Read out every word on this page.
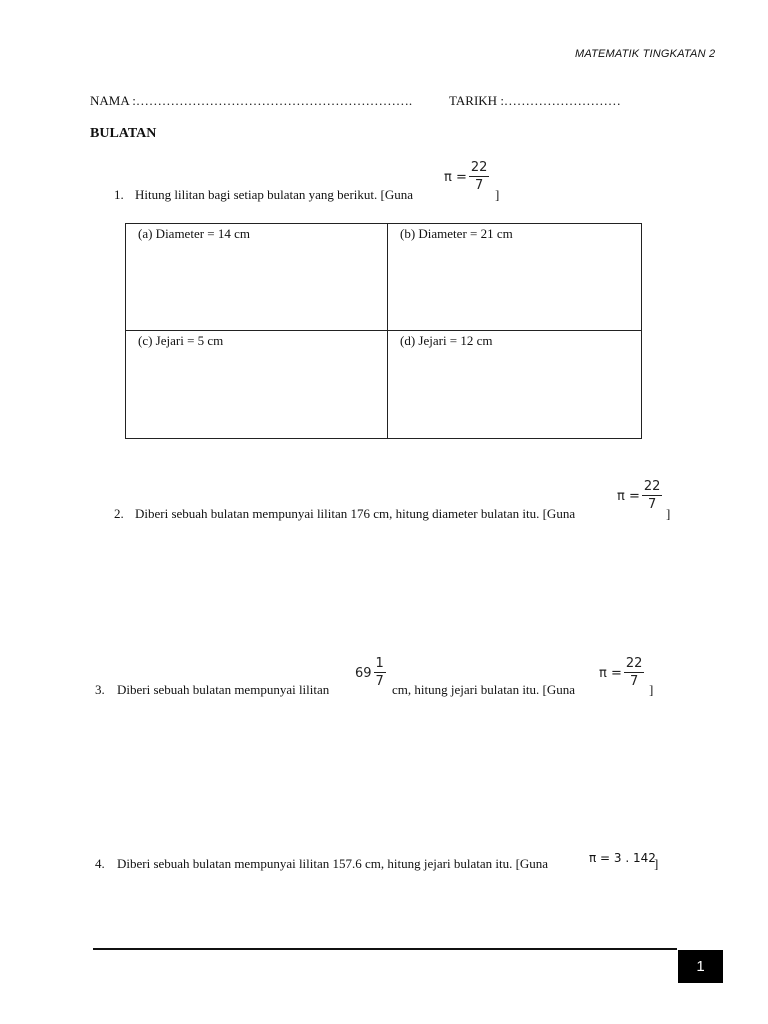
MATEMATIK TINGKATAN 2
NAMA :……………………………………………………….	TARIKH :………………………
BULATAN
1. Hitung lilitan bagi setiap bulatan yang berikut. [Guna
$\pi = \frac{22}{7}$ ]
(a) Diameter = 14 cm	(b) Diameter = 21 cm
(c) Jejari = 5 cm	(d) Jejari = 12 cm
2. Diberi sebuah bulatan mempunyai lilitan 176 cm, hitung diameter bulatan itu. [Guna
$\pi = \frac{22}{7}$ ]
3. Diberi sebuah bulatan mempunyai lilitan
$69 \frac{1}{7}$ cm, hitung jejari bulatan itu. [Guna
$\pi = \frac{22}{7}$ ]
4. Diberi sebuah bulatan mempunyai lilitan 157.6 cm, hitung jejari bulatan itu. [Guna	π = 3 . 142
]
1
